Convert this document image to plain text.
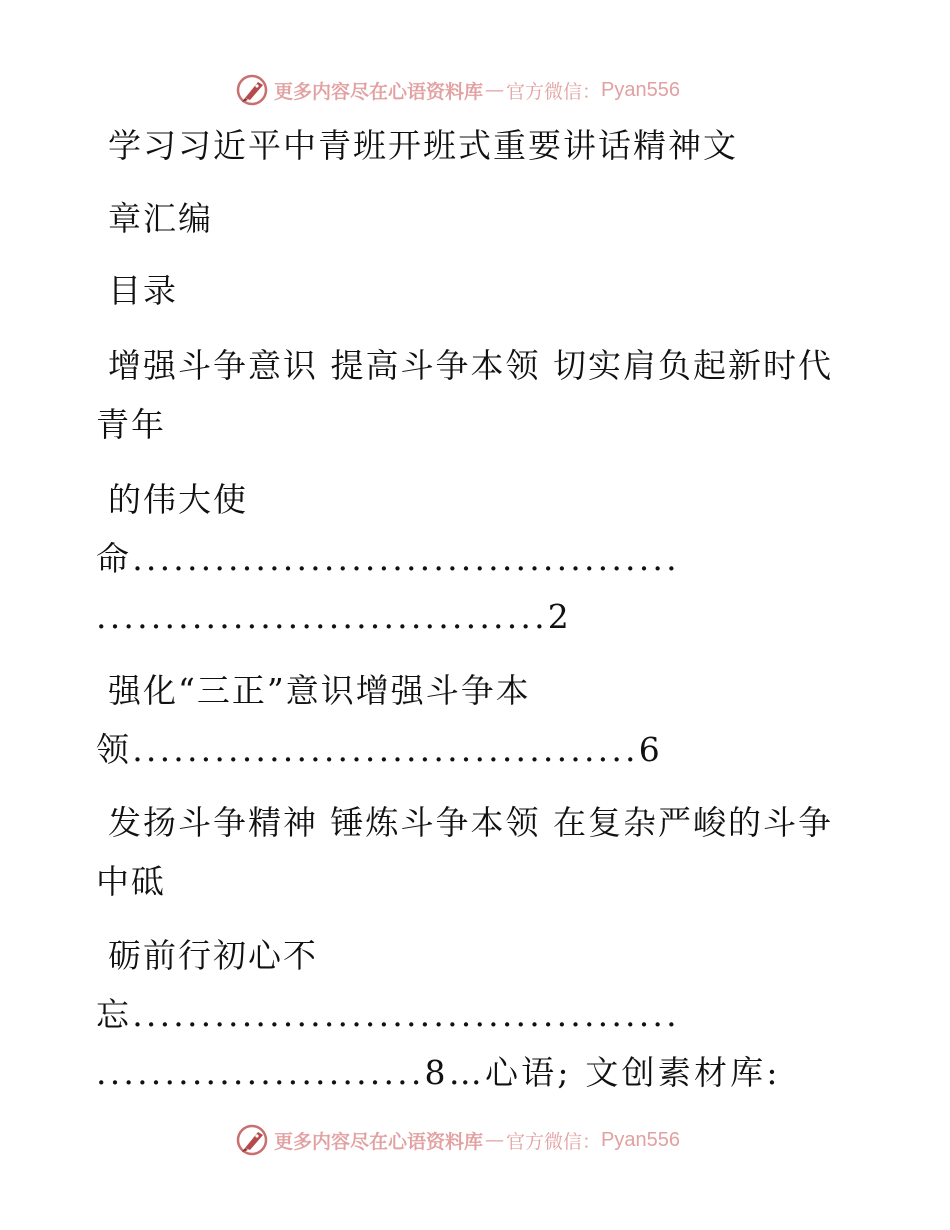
更多内容尽在心语资料库 — 官方微信： Pyan556
学习习近平中青班开班式重要讲话精神文
章汇编
目录
增强斗争意识 提高斗争本领 切实肩负起新时代
青年
的伟大使
命........................................
.................................2
强化“三正”意识增强斗争本
领.....................................6
发扬斗争精神 锤炼斗争本领 在复杂严峻的斗争
中砥
砺前行初心不
忘........................................
........................8…心语; 文创素材库:
更多内容尽在心语资料库 — 官方微信： Pyan556
